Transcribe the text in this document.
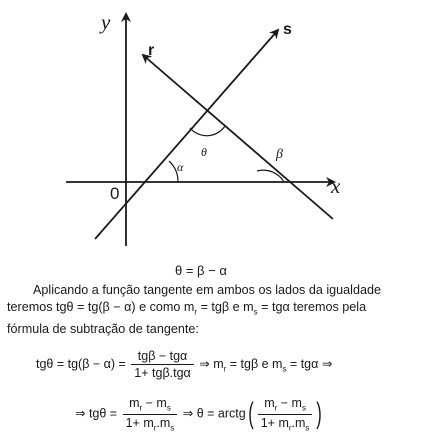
y
x
0
r
s
α
θ	β
θ = β − α
Aplicando a função tangente em ambos os lados da igualdade
teremos tgθ = tg(β − α) e como $m_r = tg\beta$ e $m_s = tg\alpha$ teremos pela
fórmula de subtração de tangente:
$tg\theta = tg(\beta - \alpha) = \frac{\text{tgβ − tgα}}{\text{1+ tgβ.tgα}}$ ⇒ $m_r = tg\beta$ e $m_s = tg\alpha$ ⇒
⇒ $tg\theta = \frac{m_r - m_s}{1+ m_r.m_s}$ ⇒ θ = arctg( $\frac{m_r - m_s}{1+ m_r.m_s}$ )
